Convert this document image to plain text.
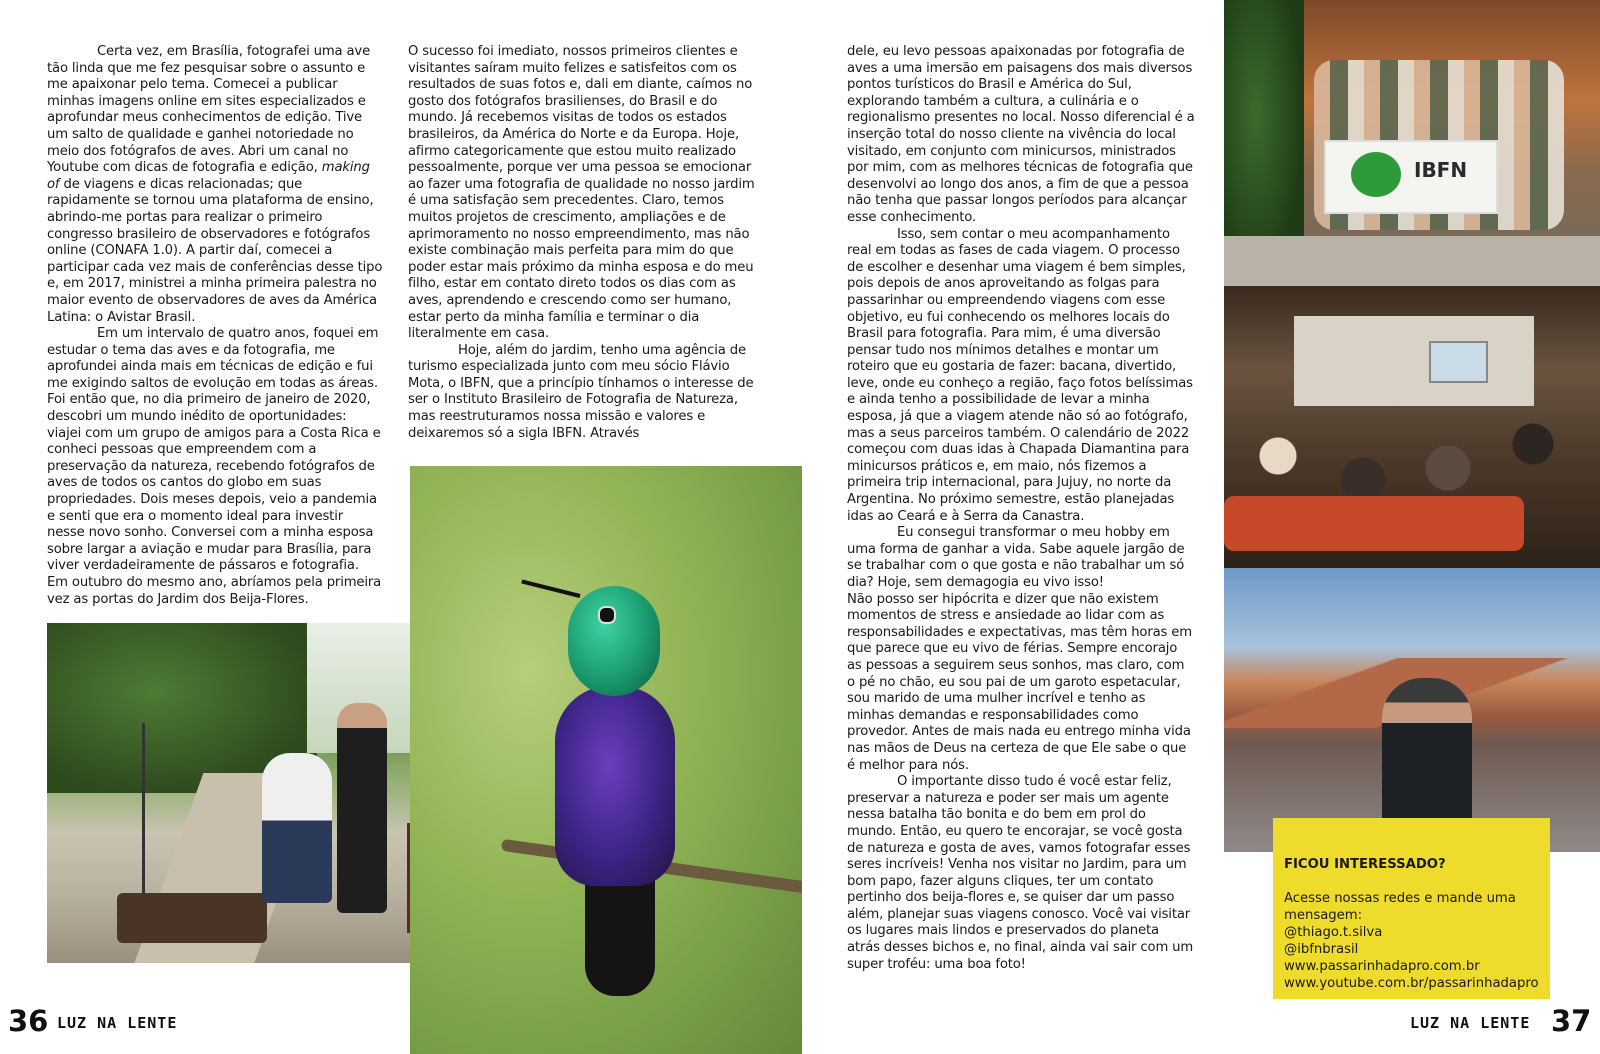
Certa vez, em Brasília, fotografei uma ave tão linda que me fez pesquisar sobre o assunto e me apaixonar pelo tema. Comecei a publicar minhas imagens online em sites especializados e aprofundar meus conhecimentos de edição. Tive um salto de qualidade e ganhei notoriedade no meio dos fotógrafos de aves. Abri um canal no Youtube com dicas de fotografia e edição, making of de viagens e dicas relacionadas; que rapidamente se tornou uma plataforma de ensino, abrindo-me portas para realizar o primeiro congresso brasileiro de observadores e fotógrafos online (CONAFA 1.0). A partir daí, comecei a participar cada vez mais de conferências desse tipo e, em 2017, ministrei a minha primeira palestra no maior evento de observadores de aves da América Latina: o Avistar Brasil.

Em um intervalo de quatro anos, foquei em estudar o tema das aves e da fotografia, me aprofundei ainda mais em técnicas de edição e fui me exigindo saltos de evolução em todas as áreas. Foi então que, no dia primeiro de janeiro de 2020, descobri um mundo inédito de oportunidades: viajei com um grupo de amigos para a Costa Rica e conheci pessoas que empreendem com a preservação da natureza, recebendo fotógrafos de aves de todos os cantos do globo em suas propriedades. Dois meses depois, veio a pandemia e senti que era o momento ideal para investir nesse novo sonho. Conversei com a minha esposa sobre largar a aviação e mudar para Brasília, para viver verdadeiramente de pássaros e fotografia.

Em outubro do mesmo ano, abríamos pela primeira vez as portas do Jardim dos Beija-Flores.

O sucesso foi imediato, nossos primeiros clientes e visitantes saíram muito felizes e satisfeitos com os resultados de suas fotos e, dali em diante, caímos no gosto dos fotógrafos brasilienses, do Brasil e do mundo. Já recebemos visitas de todos os estados brasileiros, da América do Norte e da Europa. Hoje, afirmo categoricamente que estou muito realizado pessoalmente, porque ver uma pessoa se emocionar ao fazer uma fotografia de qualidade no nosso jardim é uma satisfação sem precedentes. Claro, temos muitos projetos de crescimento, ampliações e de aprimoramento no nosso empreendimento, mas não existe combinação mais perfeita para mim do que poder estar mais próximo da minha esposa e do meu filho, estar em contato direto todos os dias com as aves, aprendendo e crescendo como ser humano, estar perto da minha família e terminar o dia literalmente em casa.

Hoje, além do jardim, tenho uma agência de turismo especializada junto com meu sócio Flávio Mota, o IBFN, que a princípio tínhamos o interesse de ser o Instituto Brasileiro de Fotografia de Natureza, mas reestruturamos nossa missão e valores e deixaremos só a sigla IBFN. Através

dele, eu levo pessoas apaixonadas por fotografia de aves a uma imersão em paisagens dos mais diversos pontos turísticos do Brasil e América do Sul, explorando também a cultura, a culinária e o regionalismo presentes no local. Nosso diferencial é a inserção total do nosso cliente na vivência do local visitado, em conjunto com minicursos, ministrados por mim, com as melhores técnicas de fotografia que desenvolvi ao longo dos anos, a fim de que a pessoa não tenha que passar longos períodos para alcançar esse conhecimento.

Isso, sem contar o meu acompanhamento real em todas as fases de cada viagem. O processo de escolher e desenhar uma viagem é bem simples, pois depois de anos aproveitando as folgas para passarinhar ou empreendendo viagens com esse objetivo, eu fui conhecendo os melhores locais do Brasil para fotografia. Para mim, é uma diversão pensar tudo nos mínimos detalhes e montar um roteiro que eu gostaria de fazer: bacana, divertido, leve, onde eu conheço a região, faço fotos belíssimas e ainda tenho a possibilidade de levar a minha esposa, já que a viagem atende não só ao fotógrafo, mas a seus parceiros também. O calendário de 2022 começou com duas idas à Chapada Diamantina para minicursos práticos e, em maio, nós fizemos a primeira trip internacional, para Jujuy, no norte da Argentina. No próximo semestre, estão planejadas idas ao Ceará e à Serra da Canastra.

Eu consegui transformar o meu hobby em uma forma de ganhar a vida. Sabe aquele jargão de se trabalhar com o que gosta e não trabalhar um só dia? Hoje, sem demagogia eu vivo isso!

Não posso ser hipócrita e dizer que não existem momentos de stress e ansiedade ao lidar com as responsabilidades e expectativas, mas têm horas em que parece que eu vivo de férias. Sempre encorajo as pessoas a seguirem seus sonhos, mas claro, com o pé no chão, eu sou pai de um garoto espetacular, sou marido de uma mulher incrível e tenho as minhas demandas e responsabilidades como provedor. Antes de mais nada eu entrego minha vida nas mãos de Deus na certeza de que Ele sabe o que é melhor para nós.

O importante disso tudo é você estar feliz, preservar a natureza e poder ser mais um agente nessa batalha tão bonita e do bem em prol do mundo. Então, eu quero te encorajar, se você gosta de natureza e gosta de aves, vamos fotografar esses seres incríveis! Venha nos visitar no Jardim, para um bom papo, fazer alguns cliques, ter um contato pertinho dos beija-flores e, se quiser dar um passo além, planejar suas viagens conosco. Você vai visitar os lugares mais lindos e preservados do planeta atrás desses bichos e, no final, ainda vai sair com um super troféu: uma boa foto!

IBFN
FICOU INTERESSADO?
Acesse nossas redes e mande uma mensagem:
@thiago.t.silva
@ibfnbrasil
www.passarinhadapro.com.br
www.youtube.com.br/passarinhadapro
36 LUZ NA LENTE	LUZ NA LENTE 37
